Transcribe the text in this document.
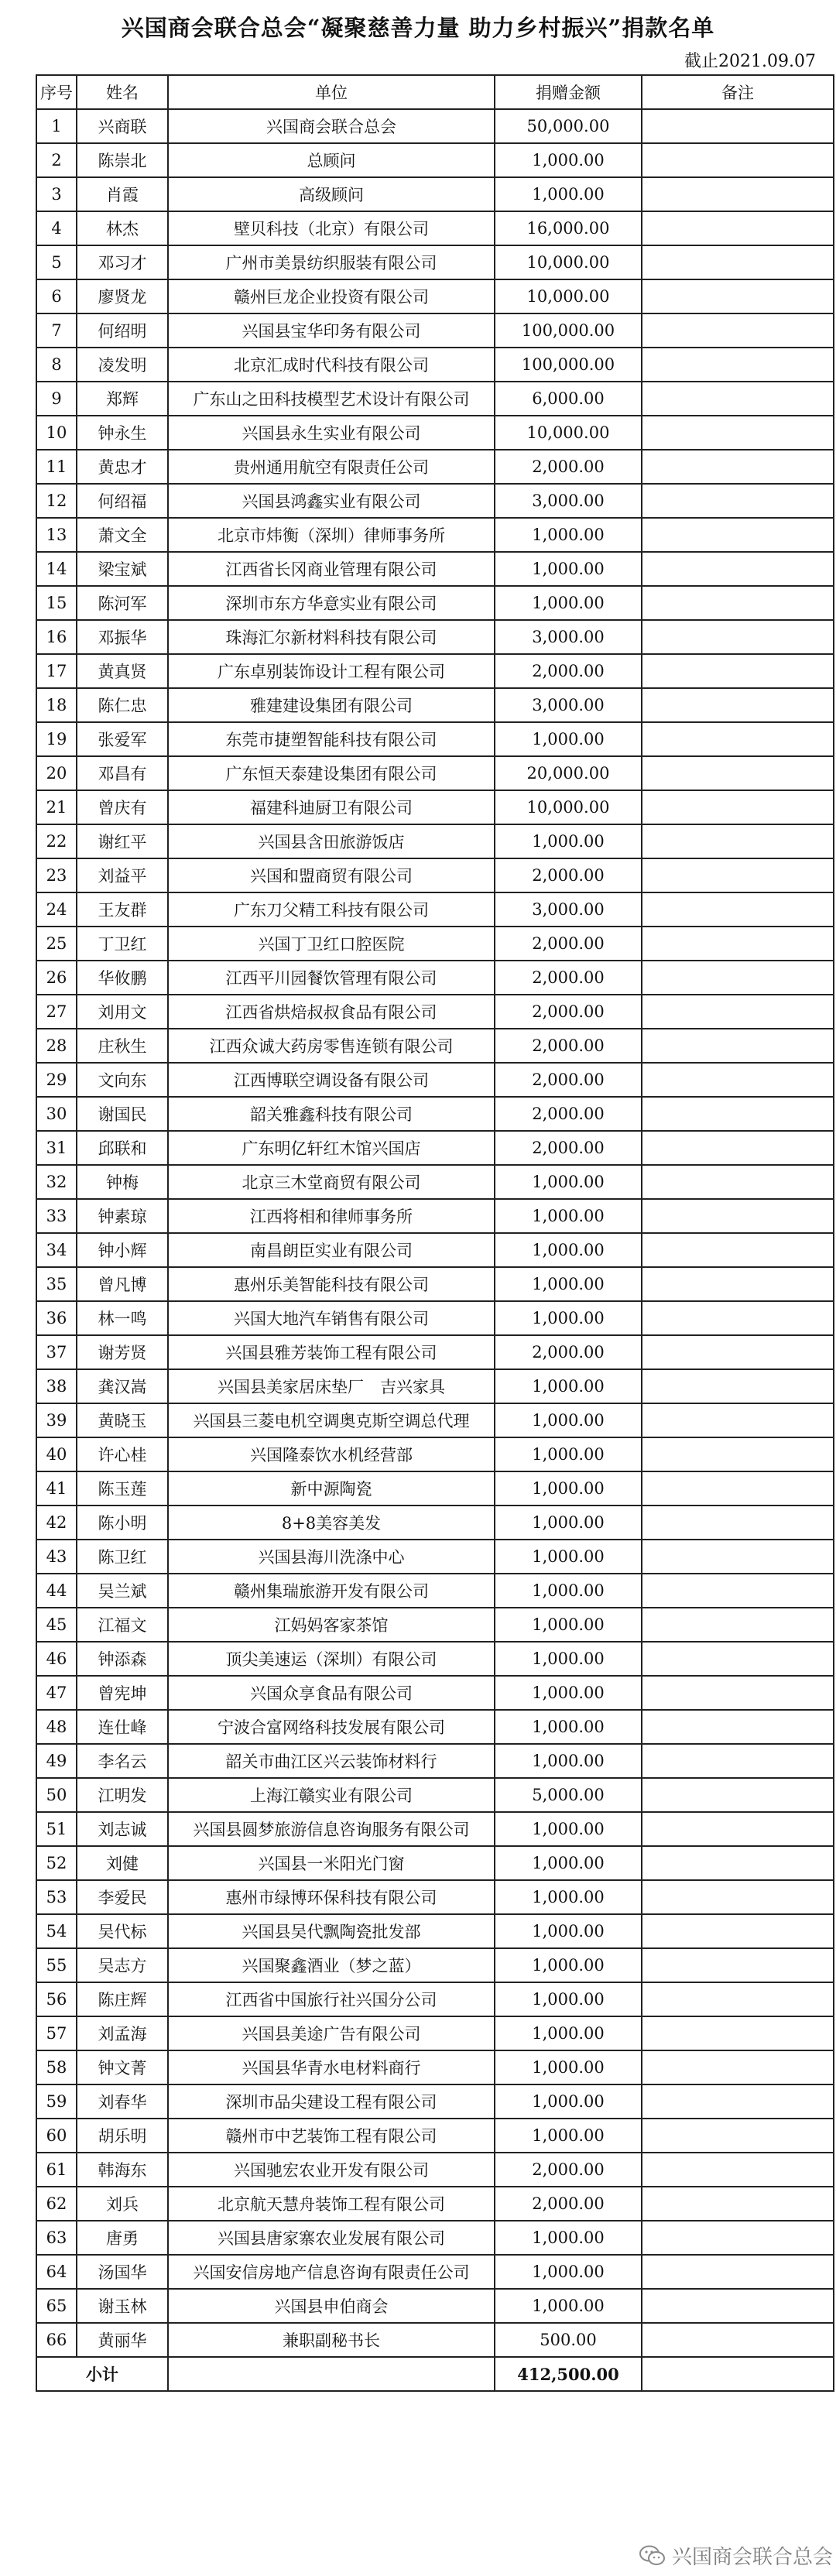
兴国商会联合总会“凝聚慈善力量 助力乡村振兴”捐款名单
截止2021.09.07
序号	姓名	单位	捐赠金额	备注
1	兴商联	兴国商会联合总会	50,000.00	
2	陈崇北	总顾问	1,000.00	
3	肖霞	高级顾问	1,000.00	
4	林杰	壁贝科技（北京）有限公司	16,000.00	
5	邓习才	广州市美景纺织服装有限公司	10,000.00	
6	廖贤龙	赣州巨龙企业投资有限公司	10,000.00	
7	何绍明	兴国县宝华印务有限公司	100,000.00	
8	凌发明	北京汇成时代科技有限公司	100,000.00	
9	郑辉	广东山之田科技模型艺术设计有限公司	6,000.00	
10	钟永生	兴国县永生实业有限公司	10,000.00	
11	黄忠才	贵州通用航空有限责任公司	2,000.00	
12	何绍福	兴国县鸿鑫实业有限公司	3,000.00	
13	萧文全	北京市炜衡（深圳）律师事务所	1,000.00	
14	梁宝斌	江西省长冈商业管理有限公司	1,000.00	
15	陈河军	深圳市东方华意实业有限公司	1,000.00	
16	邓振华	珠海汇尔新材料科技有限公司	3,000.00	
17	黄真贤	广东卓别装饰设计工程有限公司	2,000.00	
18	陈仁忠	雅建建设集团有限公司	3,000.00	
19	张爱军	东莞市捷塑智能科技有限公司	1,000.00	
20	邓昌有	广东恒天泰建设集团有限公司	20,000.00	
21	曾庆有	福建科迪厨卫有限公司	10,000.00	
22	谢红平	兴国县含田旅游饭店	1,000.00	
23	刘益平	兴国和盟商贸有限公司	2,000.00	
24	王友群	广东刀父精工科技有限公司	3,000.00	
25	丁卫红	兴国丁卫红口腔医院	2,000.00	
26	华攸鹏	江西平川园餐饮管理有限公司	2,000.00	
27	刘用文	江西省烘焙叔叔食品有限公司	2,000.00	
28	庄秋生	江西众诚大药房零售连锁有限公司	2,000.00	
29	文向东	江西博联空调设备有限公司	2,000.00	
30	谢国民	韶关雅鑫科技有限公司	2,000.00	
31	邱联和	广东明亿轩红木馆兴国店	2,000.00	
32	钟梅	北京三木堂商贸有限公司	1,000.00	
33	钟素琼	江西将相和律师事务所	1,000.00	
34	钟小辉	南昌朗臣实业有限公司	1,000.00	
35	曾凡博	惠州乐美智能科技有限公司	1,000.00	
36	林一鸣	兴国大地汽车销售有限公司	1,000.00	
37	谢芳贤	兴国县雅芳装饰工程有限公司	2,000.00	
38	龚汉嵩	兴国县美家居床垫厂　吉兴家具	1,000.00	
39	黄晓玉	兴国县三菱电机空调奥克斯空调总代理	1,000.00	
40	许心桂	兴国隆泰饮水机经营部	1,000.00	
41	陈玉莲	新中源陶瓷	1,000.00	
42	陈小明	8+8美容美发	1,000.00	
43	陈卫红	兴国县海川洗涤中心	1,000.00	
44	吴兰斌	赣州集瑞旅游开发有限公司	1,000.00	
45	江福文	江妈妈客家茶馆	1,000.00	
46	钟添森	顶尖美速运（深圳）有限公司	1,000.00	
47	曾宪坤	兴国众享食品有限公司	1,000.00	
48	连仕峰	宁波合富网络科技发展有限公司	1,000.00	
49	李名云	韶关市曲江区兴云装饰材料行	1,000.00	
50	江明发	上海江赣实业有限公司	5,000.00	
51	刘志诚	兴国县圆梦旅游信息咨询服务有限公司	1,000.00	
52	刘健	兴国县一米阳光门窗	1,000.00	
53	李爱民	惠州市绿博环保科技有限公司	1,000.00	
54	吴代标	兴国县吴代飘陶瓷批发部	1,000.00	
55	吴志方	兴国聚鑫酒业（梦之蓝）	1,000.00	
56	陈庄辉	江西省中国旅行社兴国分公司	1,000.00	
57	刘孟海	兴国县美途广告有限公司	1,000.00	
58	钟文菁	兴国县华青水电材料商行	1,000.00	
59	刘春华	深圳市品尖建设工程有限公司	1,000.00	
60	胡乐明	赣州市中艺装饰工程有限公司	1,000.00	
61	韩海东	兴国驰宏农业开发有限公司	2,000.00	
62	刘兵	北京航天慧舟装饰工程有限公司	2,000.00	
63	唐勇	兴国县唐家寨农业发展有限公司	1,000.00	
64	汤国华	兴国安信房地产信息咨询有限责任公司	1,000.00	
65	谢玉林	兴国县申伯商会	1,000.00	
66	黄丽华	兼职副秘书长	500.00	
小计			412,500.00	
兴国商会联合总会
